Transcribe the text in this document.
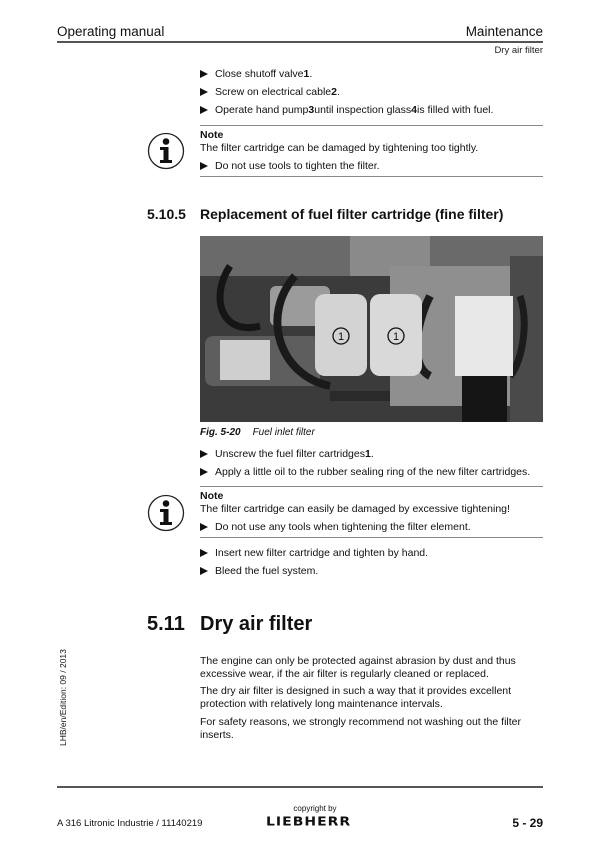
Operating manual	Maintenance
Dry air filter
Close shutoff valve 1 .
Screw on electrical cable 2 .
Operate hand pump 3 until inspection glass 4 is filled with fuel.
Note
The filter cartridge can be damaged by tightening too tightly.
Do not use tools to tighten the filter.
5.10.5 Replacement of fuel filter cartridge (fine filter)
1	1
Fig. 5-20 Fuel inlet filter
Unscrew the fuel filter cartridges 1 .
Apply a little oil to the rubber sealing ring of the new filter cartridges.
Note
The filter cartridge can easily be damaged by excessive tightening!
Do not use any tools when tightening the filter element.
Insert new filter cartridge and tighten by hand.
Bleed the fuel system.
5.11 Dry air filter
The engine can only be protected against abrasion by dust and thus excessive wear, if the air filter is regularly cleaned or replaced.
The dry air filter is designed in such a way that it provides excellent protection with relatively long maintenance intervals.
For safety reasons, we strongly recommend not washing out the filter inserts.
LHB/en/Edition: 09 / 2013
A 316 Litronic Industrie / 11140219
copyright by
LIEBHERR	5 - 29
